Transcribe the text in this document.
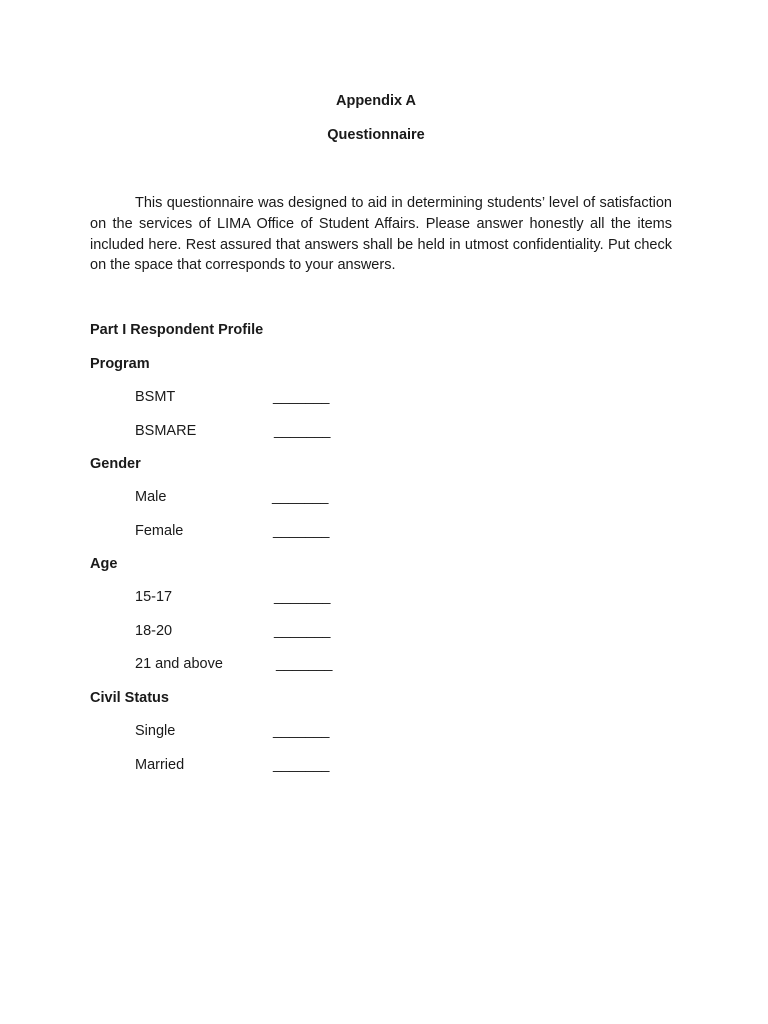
Appendix A
Questionnaire

This questionnaire was designed to aid in determining students’ level of satisfaction on the services of LIMA Office of Student Affairs. Please answer honestly all the items included here. Rest assured that answers shall be held in utmost confidentiality. Put check on the space that corresponds to your answers.

Part I Respondent Profile
Program
BSMT	_______
BSMARE	_______
Gender
Male	_______
Female	_______
Age
15-17	_______
18-20	_______
21 and above	_______
Civil Status
Single	_______
Married	_______
